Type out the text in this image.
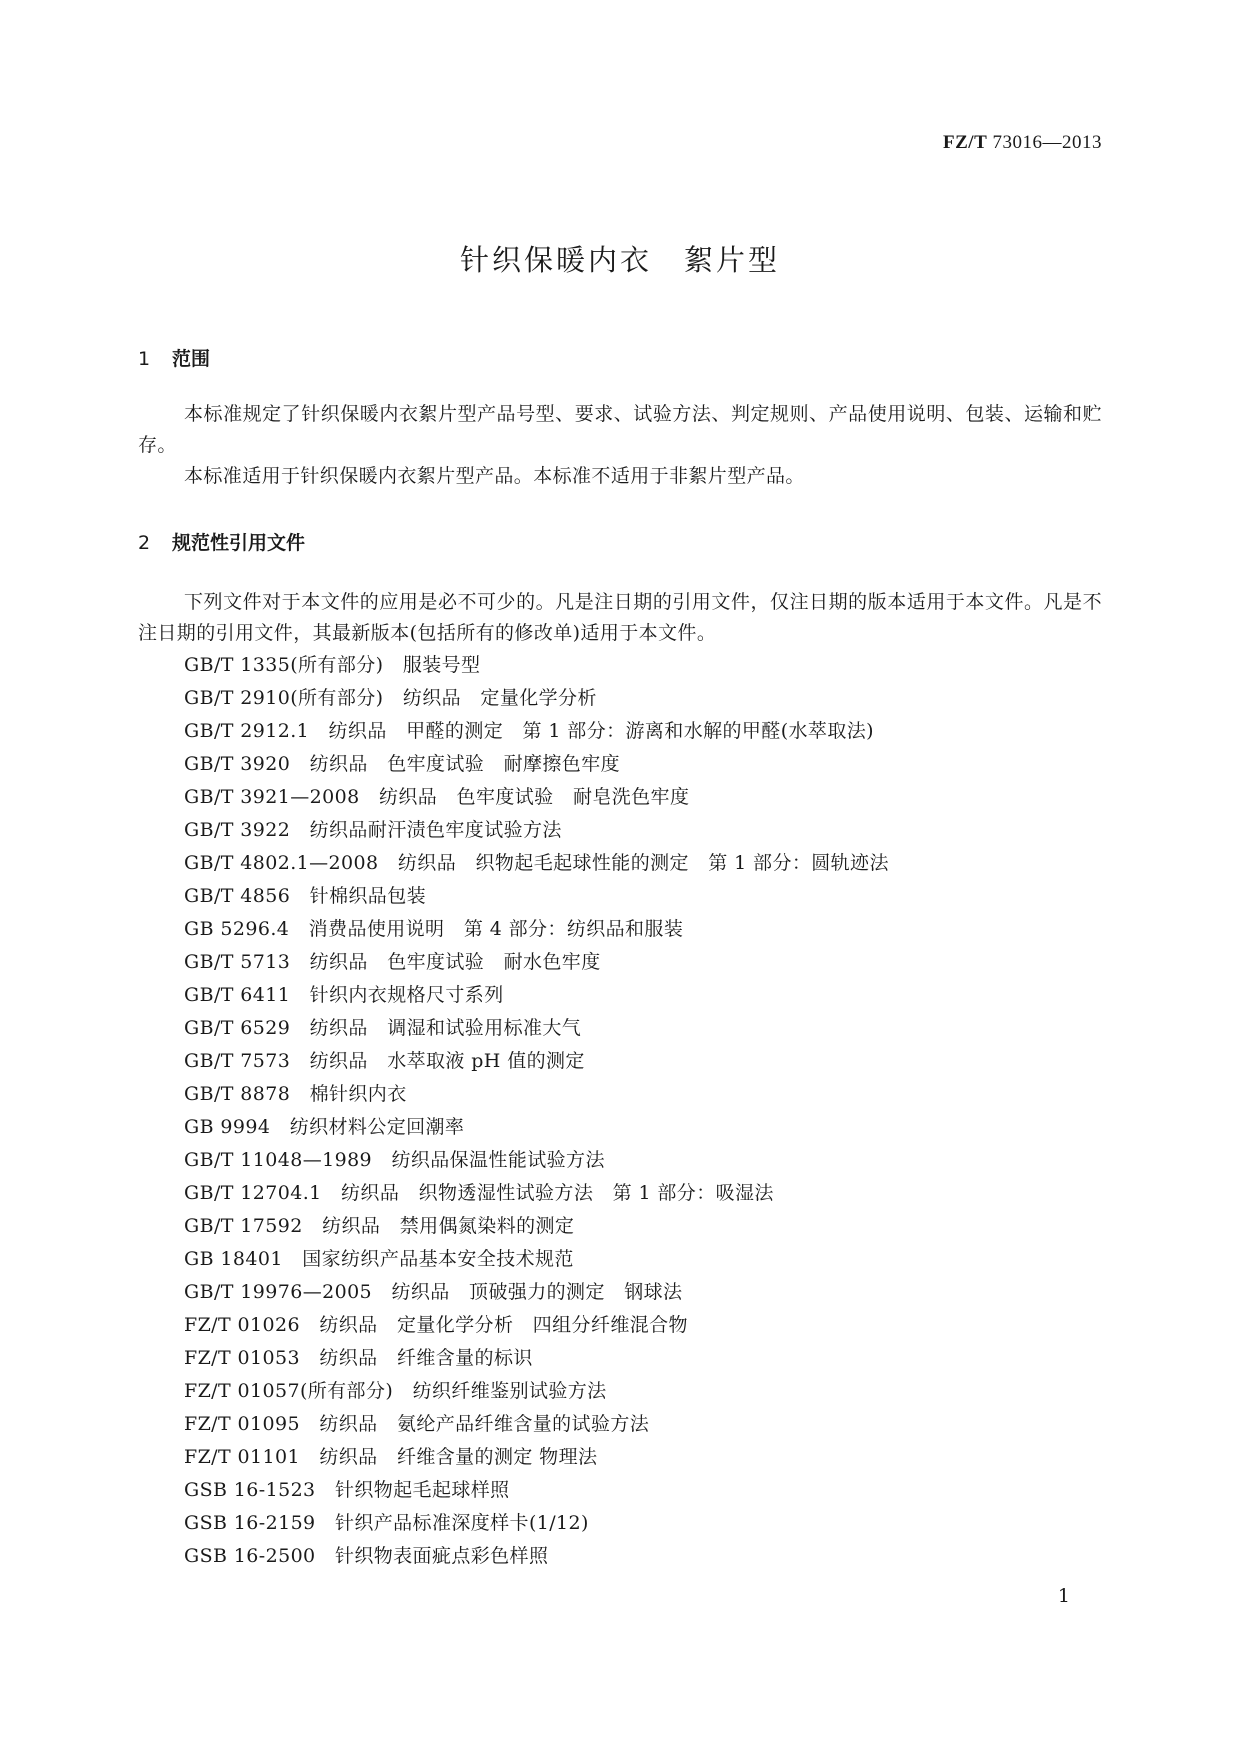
FZ/T 73016—2013
针织保暖内衣　絮片型
1 范围

本标准规定了针织保暖内衣絮片型产品号型、要求、试验方法、判定规则、产品使用说明、包装、运输和贮存。

本标准适用于针织保暖内衣絮片型产品。本标准不适用于非絮片型产品。

2 规范性引用文件

下列文件对于本文件的应用是必不可少的。凡是注日期的引用文件，仅注日期的版本适用于本文件。凡是不注日期的引用文件，其最新版本(包括所有的修改单)适用于本文件。

GB/T 1335(所有部分)　服装号型
GB/T 2910(所有部分)　纺织品　定量化学分析
GB/T 2912.1　纺织品　甲醛的测定　第 1 部分：游离和水解的甲醛(水萃取法)
GB/T 3920　纺织品　色牢度试验　耐摩擦色牢度
GB/T 3921—2008　纺织品　色牢度试验　耐皂洗色牢度
GB/T 3922　纺织品耐汗渍色牢度试验方法
GB/T 4802.1—2008　纺织品　织物起毛起球性能的测定　第 1 部分：圆轨迹法
GB/T 4856　针棉织品包装
GB 5296.4　消费品使用说明　第 4 部分：纺织品和服装
GB/T 5713　纺织品　色牢度试验　耐水色牢度
GB/T 6411　针织内衣规格尺寸系列
GB/T 6529　纺织品　调湿和试验用标准大气
GB/T 7573　纺织品　水萃取液 pH 值的测定
GB/T 8878　棉针织内衣
GB 9994　纺织材料公定回潮率
GB/T 11048—1989　纺织品保温性能试验方法
GB/T 12704.1　纺织品　织物透湿性试验方法　第 1 部分：吸湿法
GB/T 17592　纺织品　禁用偶氮染料的测定
GB 18401　国家纺织产品基本安全技术规范
GB/T 19976—2005　纺织品　顶破强力的测定　钢球法
FZ/T 01026　纺织品　定量化学分析　四组分纤维混合物
FZ/T 01053　纺织品　纤维含量的标识
FZ/T 01057(所有部分)　纺织纤维鉴别试验方法
FZ/T 01095　纺织品　氨纶产品纤维含量的试验方法
FZ/T 01101　纺织品　纤维含量的测定 物理法
GSB 16-1523　针织物起毛起球样照
GSB 16-2159　针织产品标准深度样卡(1/12)
GSB 16-2500　针织物表面疵点彩色样照
1
